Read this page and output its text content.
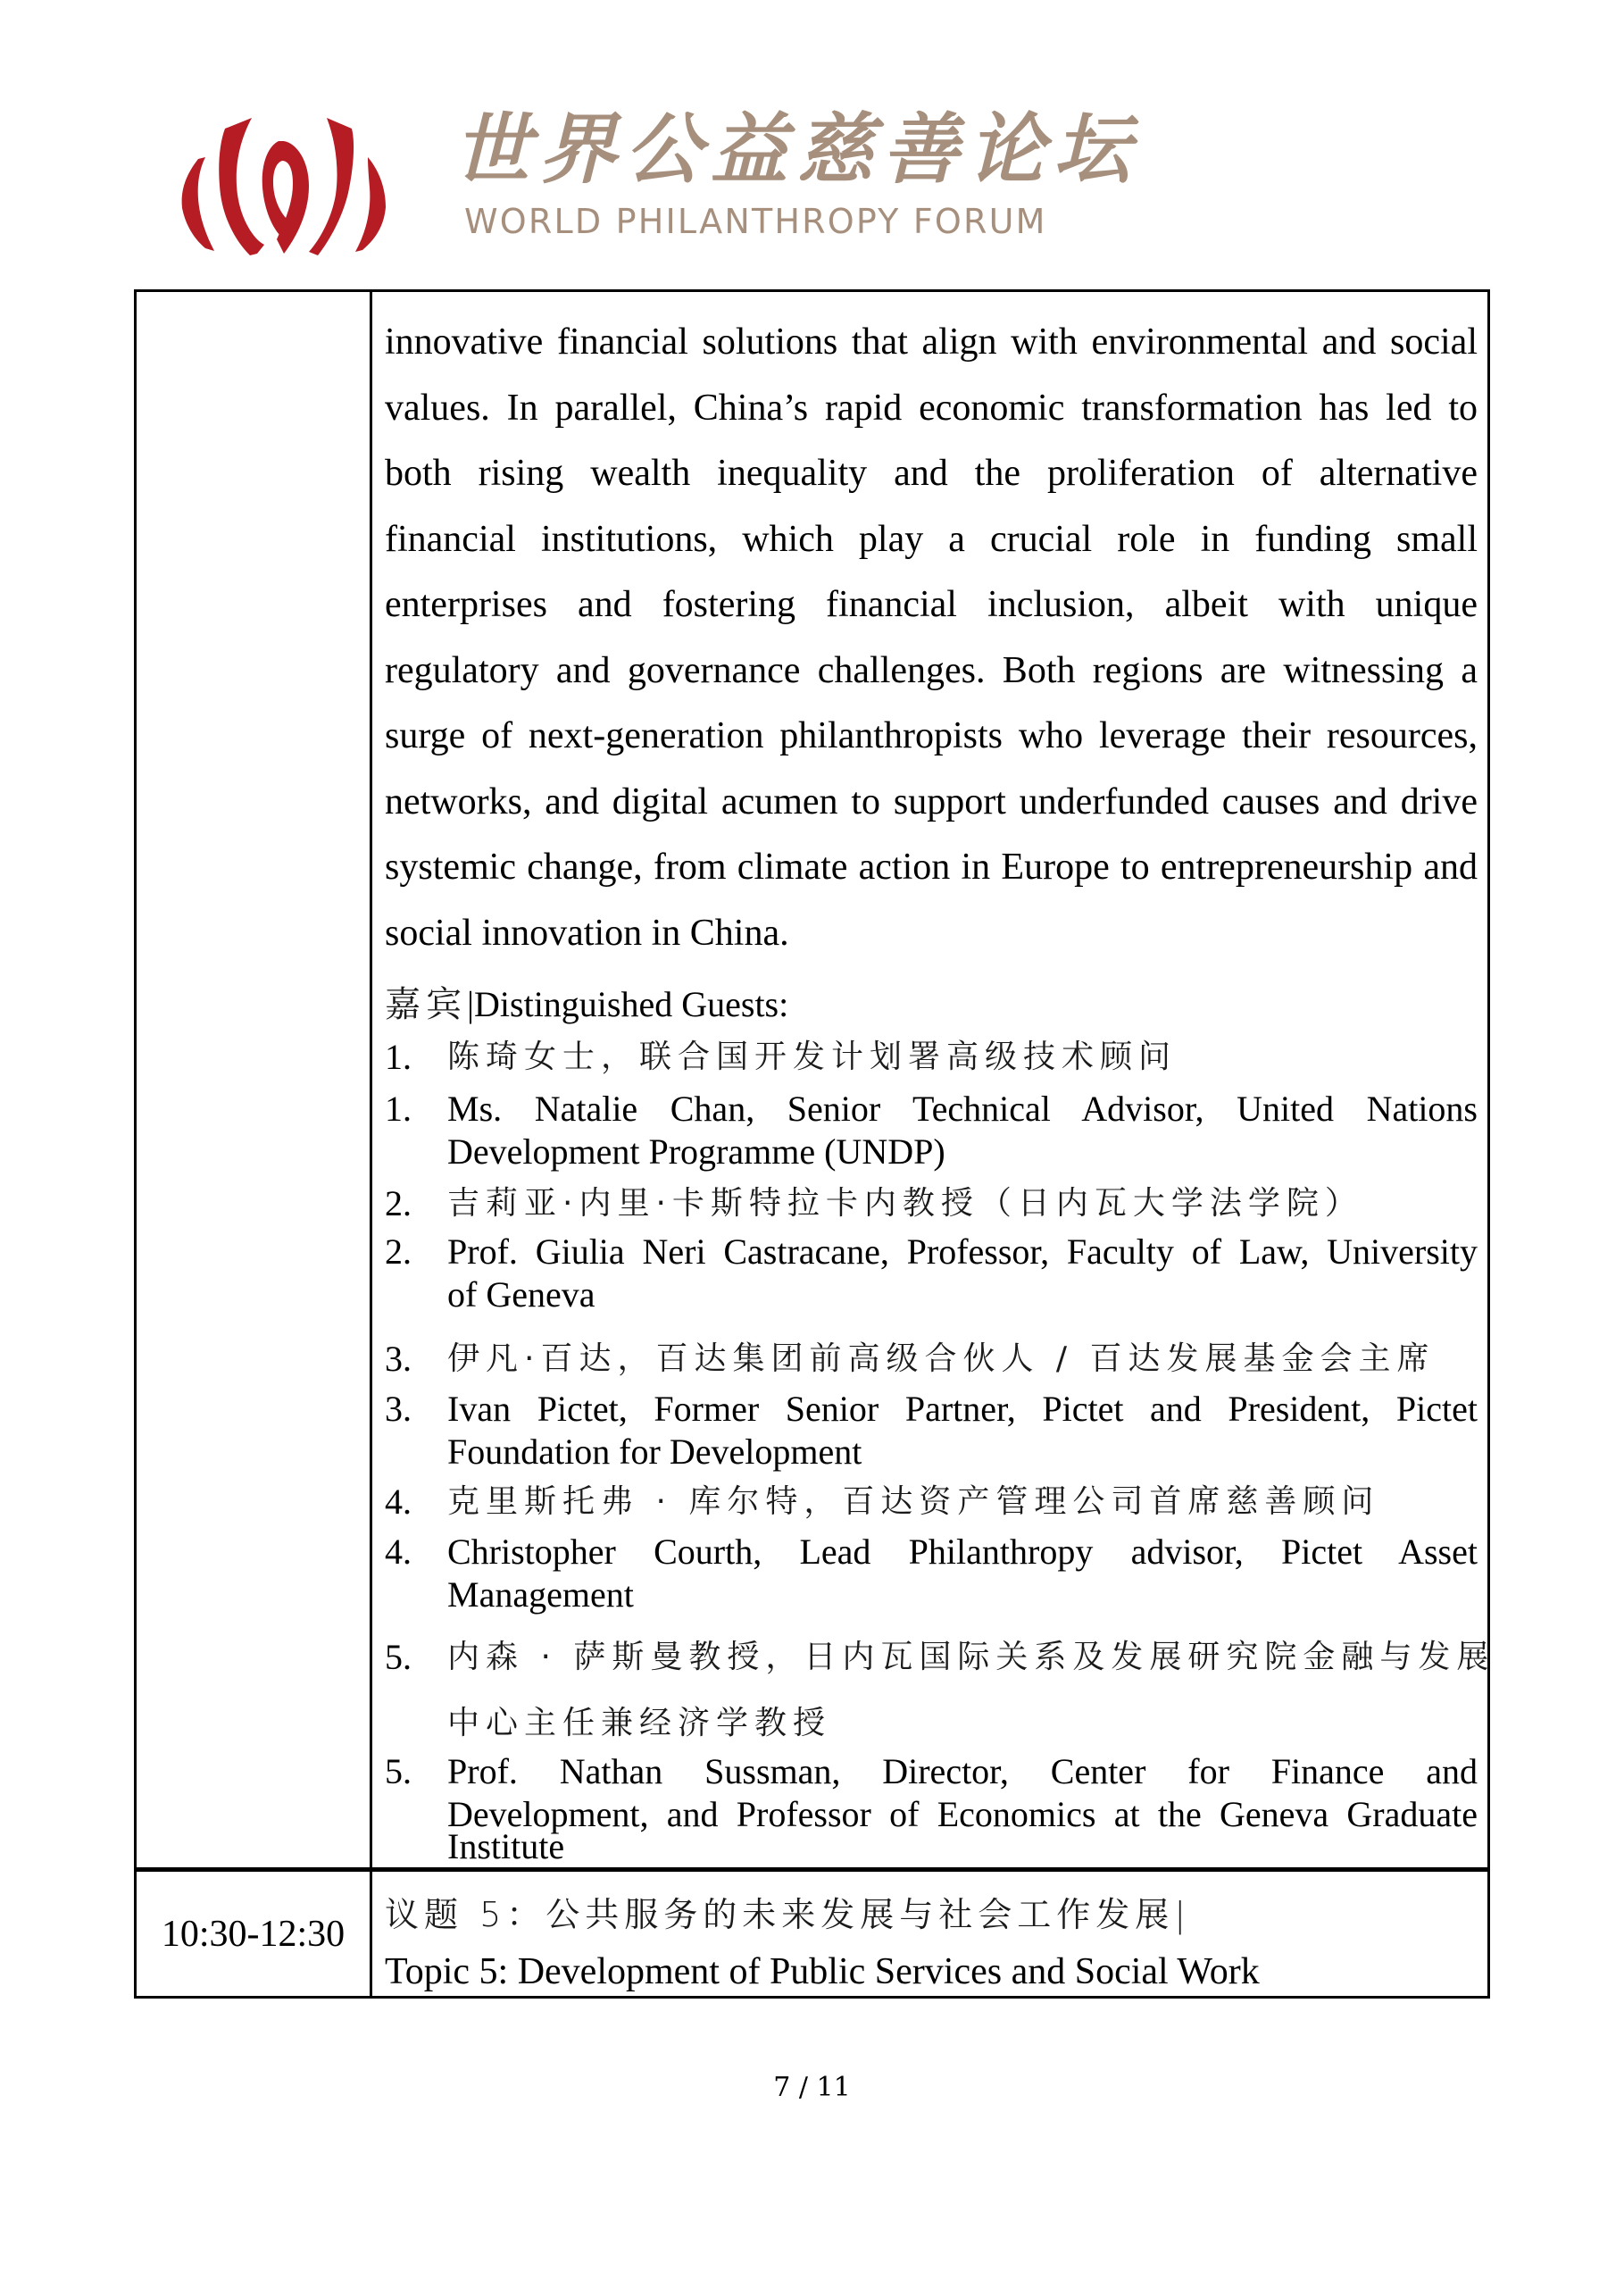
世界公益慈善论坛
WORLD PHILANTHROPY FORUM
innovative financial solutions that align with environmental and social
values. In parallel, China’s rapid economic transformation has led to
both rising wealth inequality and the proliferation of alternative
financial institutions, which play a crucial role in funding small
enterprises and fostering financial inclusion, albeit with unique
regulatory and governance challenges. Both regions are witnessing a
surge of next-generation philanthropists who leverage their resources,
networks, and digital acumen to support underfunded causes and drive
systemic change, from climate action in Europe to entrepreneurship and
social innovation in China.
嘉宾|Distinguished Guests:
1.	陈琦女士，联合国开发计划署高级技术顾问
1.	Ms. Natalie Chan, Senior Technical Advisor, United Nations
Development Programme (UNDP)
2.	吉莉亚·内里·卡斯特拉卡内教授（日内瓦大学法学院）
2.	Prof. Giulia Neri Castracane, Professor, Faculty of Law, University
of Geneva
3.	伊凡·百达，百达集团前高级合伙人 / 百达发展基金会主席
3.	Ivan Pictet, Former Senior Partner, Pictet and President, Pictet
Foundation for Development
4.	克里斯托弗 · 库尔特，百达资产管理公司首席慈善顾问
4.	Christopher Courth, Lead Philanthropy advisor, Pictet Asset
Management
5.	内森 · 萨斯曼教授，日内瓦国际关系及发展研究院金融与发展
中心主任兼经济学教授
5.	Prof. Nathan Sussman, Director, Center for Finance and
Development, and Professor of Economics at the Geneva Graduate
Institute
10:30-12:30	议题 5：公共服务的未来发展与社会工作发展|
Topic 5: Development of Public Services and Social Work
7 / 11
